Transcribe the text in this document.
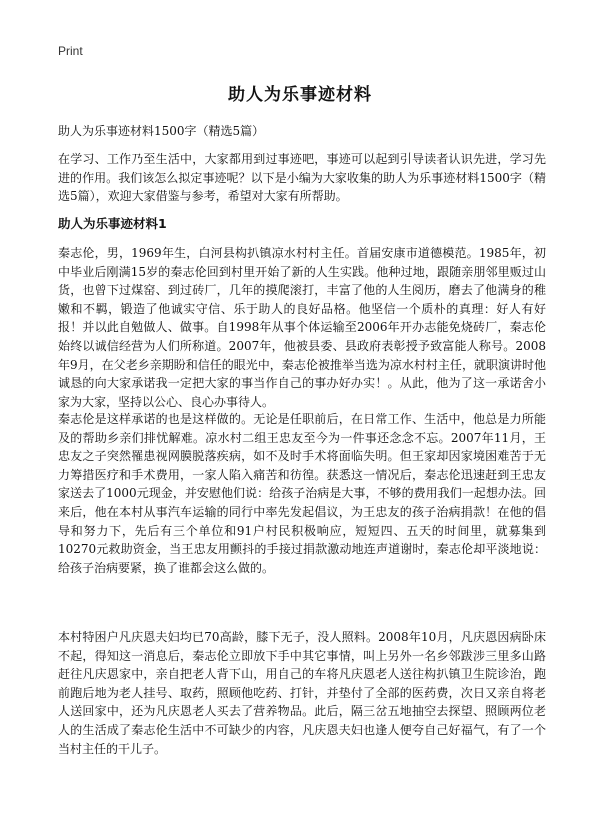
Print
助人为乐事迹材料

助人为乐事迹材料1500字（精选5篇）

在学习、工作乃至生活中，大家都用到过事迹吧，事迹可以起到引导读者认识先进，学习先进的作用。我们该怎么拟定事迹呢？以下是小编为大家收集的助人为乐事迹材料1500字（精选5篇），欢迎大家借鉴与参考，希望对大家有所帮助。

助人为乐事迹材料1

秦志伦，男，1969年生，白河县构扒镇凉水村村主任。首届安康市道德模范。1985年，初中毕业后刚满15岁的秦志伦回到村里开始了新的人生实践。他种过地，跟随亲朋邻里贩过山货，也曾下过煤窑、到过砖厂，几年的摸爬滚打，丰富了他的人生阅历，磨去了他满身的稚嫩和不羁，锻造了他诚实守信、乐于助人的良好品格。他坚信一个质朴的真理：好人有好报！并以此自勉做人、做事。自1998年从事个体运输至2006年开办志能免烧砖厂，秦志伦始终以诚信经营为人们所称道。2007年，他被县委、县政府表彰授予致富能人称号。2008年9月，在父老乡亲期盼和信任的眼光中，秦志伦被推举当选为凉水村村主任，就职演讲时他诚恳的向大家承诺我一定把大家的事当作自己的事办好办实！。从此，他为了这一承诺舍小家为大家，坚持以公心、良心办事待人。

秦志伦是这样承诺的也是这样做的。无论是任职前后，在日常工作、生活中，他总是力所能及的帮助乡亲们排忧解难。凉水村二组王忠友至今为一件事还念念不忘。2007年11月，王忠友之子突然罹患视网膜脱落疾病，如不及时手术将面临失明。但王家却因家境困难苦于无力筹措医疗和手术费用，一家人陷入痛苦和彷徨。获悉这一情况后，秦志伦迅速赶到王忠友家送去了1000元现金，并安慰他们说：给孩子治病是大事，不够的费用我们一起想办法。回来后，他在本村从事汽车运输的同行中率先发起倡议，为王忠友的孩子治病捐款！在他的倡导和努力下，先后有三个单位和91户村民积极响应，短短四、五天的时间里，就募集到10270元救助资金，当王忠友用颤抖的手接过捐款激动地连声道谢时，秦志伦却平淡地说：给孩子治病要紧，换了谁都会这么做的。

本村特困户凡庆恩夫妇均已70高龄，膝下无子，没人照料。2008年10月，凡庆恩因病卧床不起，得知这一消息后，秦志伦立即放下手中其它事情，叫上另外一名乡邻跋涉三里多山路赶往凡庆恩家中，亲自把老人背下山，用自己的车将凡庆恩老人送往构扒镇卫生院诊治，跑前跑后地为老人挂号、取药，照顾他吃药、打针，并垫付了全部的医药费，次日又亲自将老人送回家中，还为凡庆恩老人买去了营养物品。此后，隔三岔五地抽空去探望、照顾两位老人的生活成了秦志伦生活中不可缺少的内容，凡庆恩夫妇也逢人便夸自己好福气，有了一个当村主任的干儿子。
